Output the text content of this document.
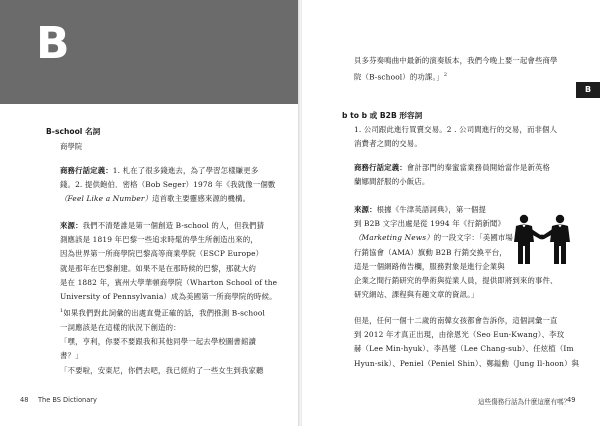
B
B-school 名詞
商學院
商務行話定義：1. 札在了很多錢進去，為了學習怎樣賺更多
錢。2. 提供飽伯．密格（Bob Seger）1978 年《我就像一個數
（Feel Like a Number）這首歌主要靈感來源的機構。
來源：我們不清楚誰是第一個創造 B-school 的人，但我們猜
測應該是 1819 年巴黎一些追求時髦的學生所創造出來的，
因為世界第一所商學院巴黎高等商業學院（ESCP Europe）
就是那年在巴黎創建。如果不是在那時候的巴黎，那就大約
是在 1882 年，賓州大學華頓商學院（Wharton School of the
University of Pennsylvania）成為美國第一所商學院的時候。
$^1$如果我們對此詞彙的出處直覺正確的話，我們推測 B-school
一詞應該是在這樣的狀況下創造的：
「嘿，亨利，你要不要跟我和其他同學一起去學校圖書館讀
書？」
「不要啦，安東尼，你們去吧，我已經約了一些女生到我家聽
48 The BS Dictionary
貝多芬奏鳴曲中最新的演奏版本，我們今晚上要一起會些商學
院（B-school）的功課。」$^2$
B
b to b 或 B2B 形容詞
1. 公司跟此進行買賣交易。2 . 公司間進行的交易，而非個人
消費者之間的交易。
商務行話定義：會計部門的秦蜜當業務員開始當作是新英格
蘭娜間舒服的小飯店。
來源：根據《牛津英語詞典》，第一個提
到 B2B 文字出處是從 1994 年《行銷新聞》
（Marketing News）的一段文字：「美國市場
行銷協會（AMA）旗動 B2B 行銷交換平台，
這是一個網路佈告欄，服務對象是進行企業與
企業之間行銷研究的學術與從業人員，提供即將到來的事件、
研究網站、課程與有趣文章的資訊。」
但是，任何一個十二歲的南韓女孩都會告訴你，這個詞彙一直
到 2012 年才真正出現，由徐恩光（Seo Eun-Kwang）、李玟
赫（Lee Min-hyuk）、李昌燮（Lee Chang-sub）、任炫植（Im
Hyun-sik）、Peniel（Peniel Shin）、鄭鎰勳（Jung Il-hoon）與
這些傷務行話為什麼這麼有嗎？
49
